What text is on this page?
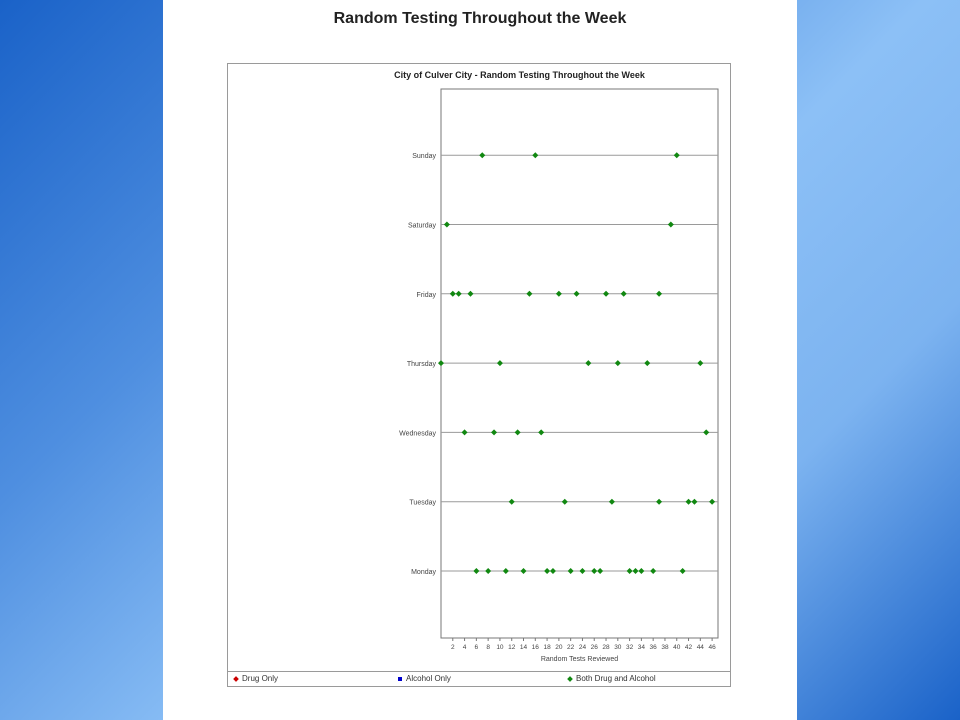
Random Testing Throughout the Week
City of Culver City - Random Testing Throughout the Week
Monday
Tuesday
Wednesday
Thursday
Friday
Saturday
Sunday
2 4 6 8 10 12 14 16 18 20 22 24 26 28 30 32 34 36 38 40 42 44 46
Random Tests Reviewed
Drug Only	Alcohol Only	Both Drug and Alcohol
